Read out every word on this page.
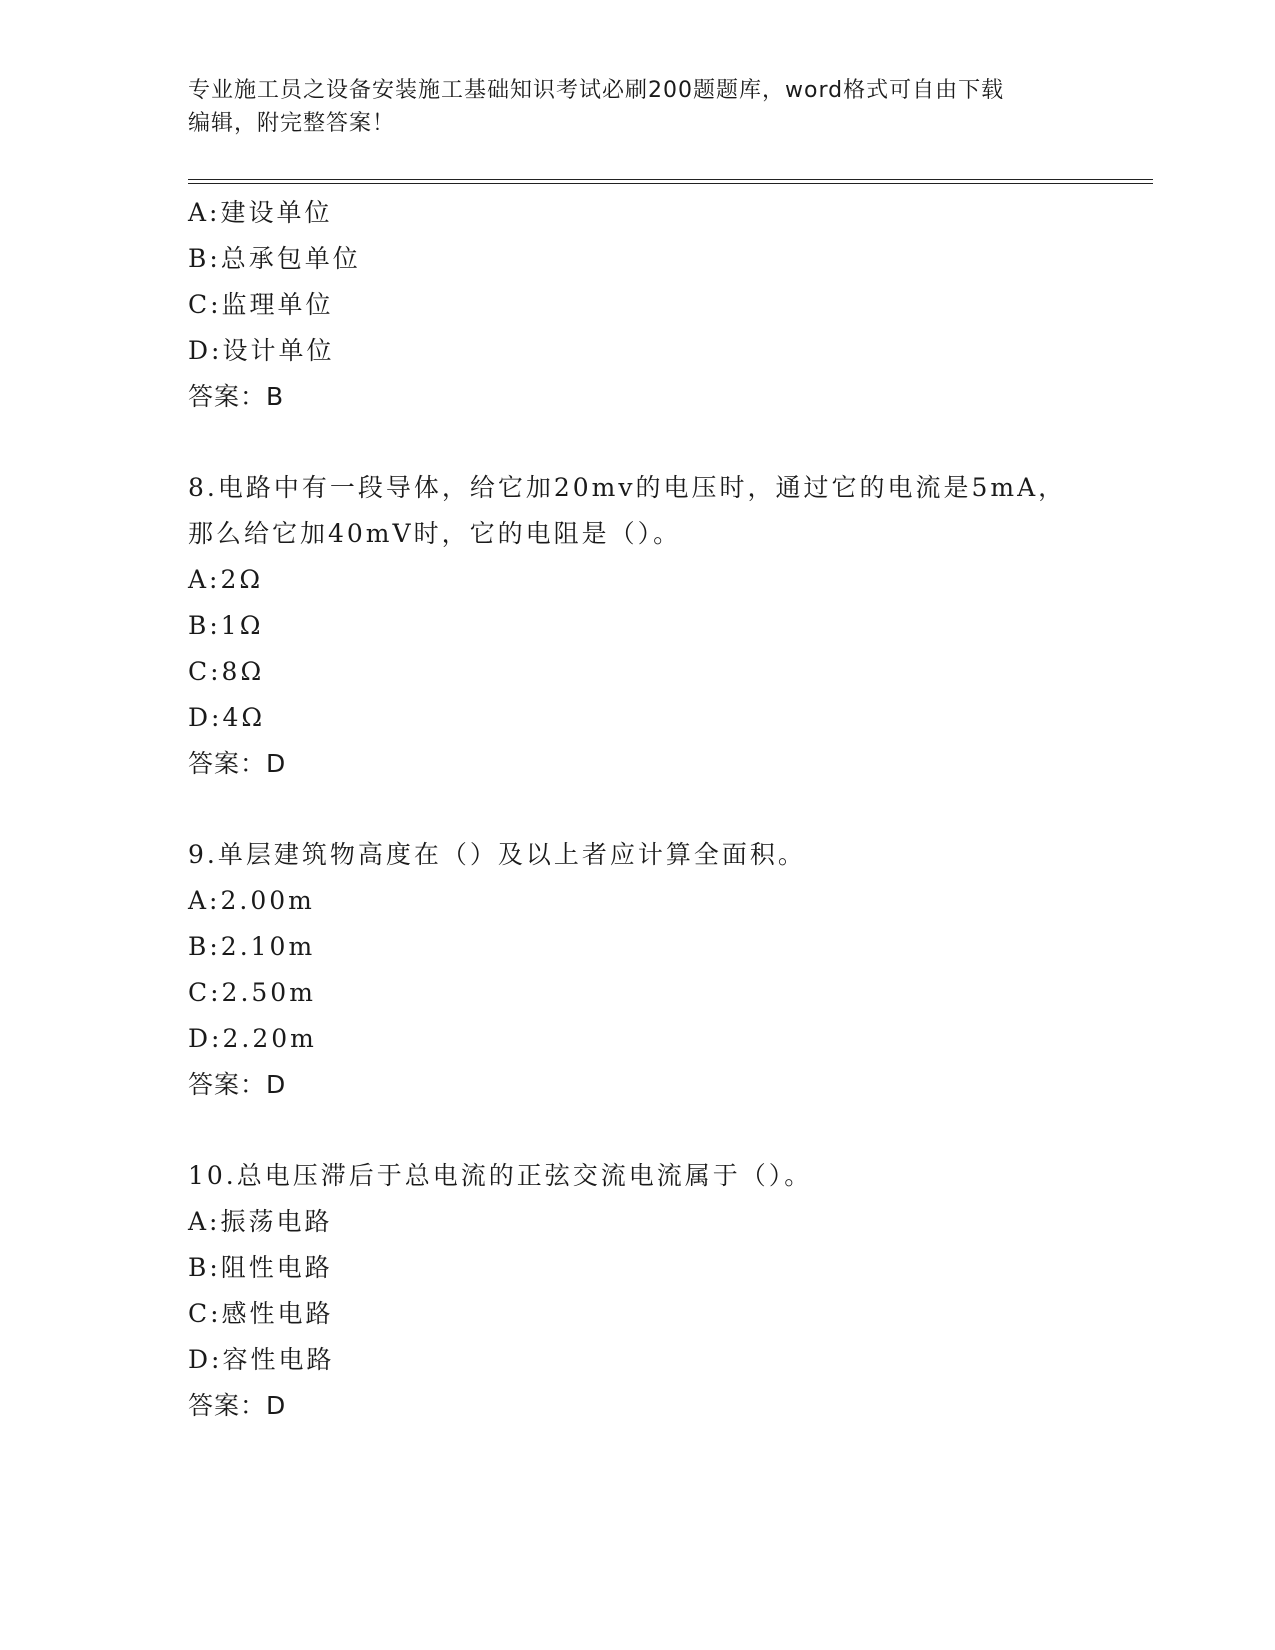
专业施工员之设备安装施工基础知识考试必刷200题题库，word格式可自由下载
编辑，附完整答案！
A:建设单位
B:总承包单位
C:监理单位
D:设计单位
答案：B
8.电路中有一段导体，给它加20mv的电压时，通过它的电流是5mA，
那么给它加40mV时，它的电阻是（）。
A:2Ω
B:1Ω
C:8Ω
D:4Ω
答案：D
9.单层建筑物高度在（）及以上者应计算全面积。
A:2.00m
B:2.10m
C:2.50m
D:2.20m
答案：D
10.总电压滞后于总电流的正弦交流电流属于（）。
A:振荡电路
B:阻性电路
C:感性电路
D:容性电路
答案：D
